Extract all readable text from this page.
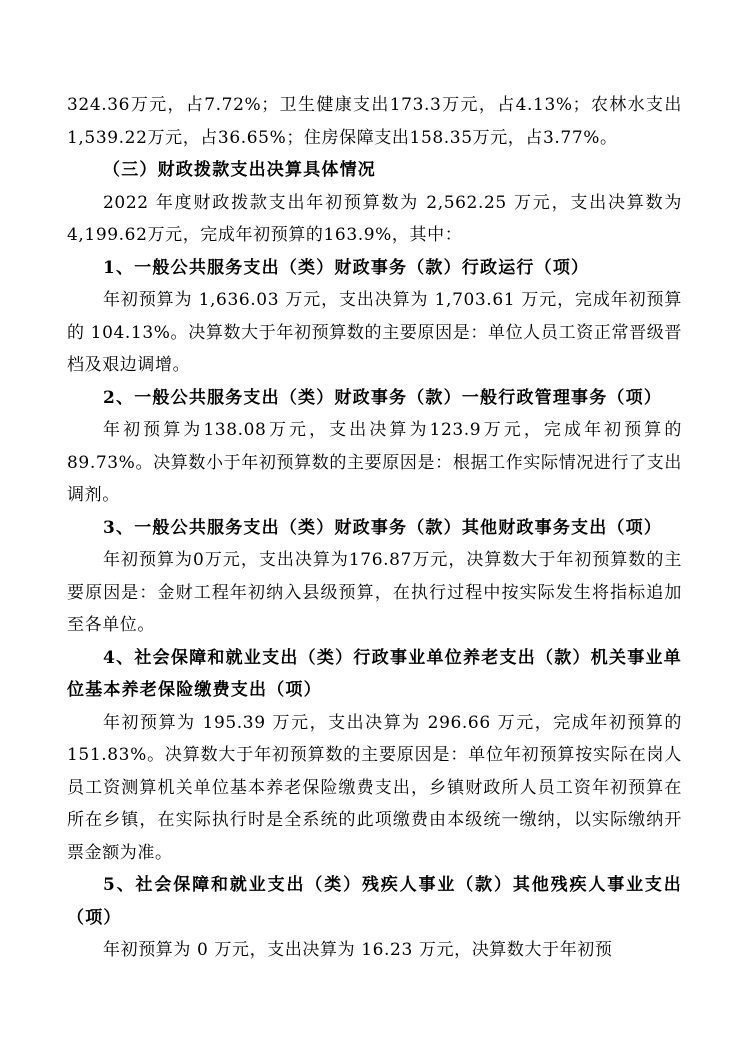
324.36万元，占7.72%；卫生健康支出173.3万元，占4.13%；农林水支出1,539.22万元，占36.65%；住房保障支出158.35万元，占3.77%。

（三）财政拨款支出决算具体情况

2022 年度财政拨款支出年初预算数为 2,562.25 万元，支出决算数为4,199.62万元，完成年初预算的163.9%，其中：

1、一般公共服务支出（类）财政事务（款）行政运行（项）

年初预算为 1,636.03 万元，支出决算为 1,703.61 万元，完成年初预算的 104.13%。决算数大于年初预算数的主要原因是：单位人员工资正常晋级晋档及艰边调增。

2、一般公共服务支出（类）财政事务（款）一般行政管理事务（项）

年初预算为138.08万元，支出决算为123.9万元，完成年初预算的 89.73%。决算数小于年初预算数的主要原因是：根据工作实际情况进行了支出调剂。

3、一般公共服务支出（类）财政事务（款）其他财政事务支出（项）

年初预算为0万元，支出决算为176.87万元，决算数大于年初预算数的主要原因是：金财工程年初纳入县级预算，在执行过程中按实际发生将指标追加至各单位。

4、社会保障和就业支出（类）行政事业单位养老支出（款）机关事业单位基本养老保险缴费支出（项）

年初预算为 195.39 万元，支出决算为 296.66 万元，完成年初预算的 151.83%。决算数大于年初预算数的主要原因是：单位年初预算按实际在岗人员工资测算机关单位基本养老保险缴费支出，乡镇财政所人员工资年初预算在所在乡镇，在实际执行时是全系统的此项缴费由本级统一缴纳，以实际缴纳开票金额为准。

5、社会保障和就业支出（类）残疾人事业（款）其他残疾人事业支出（项）

年初预算为 0 万元，支出决算为 16.23 万元，决算数大于年初预
